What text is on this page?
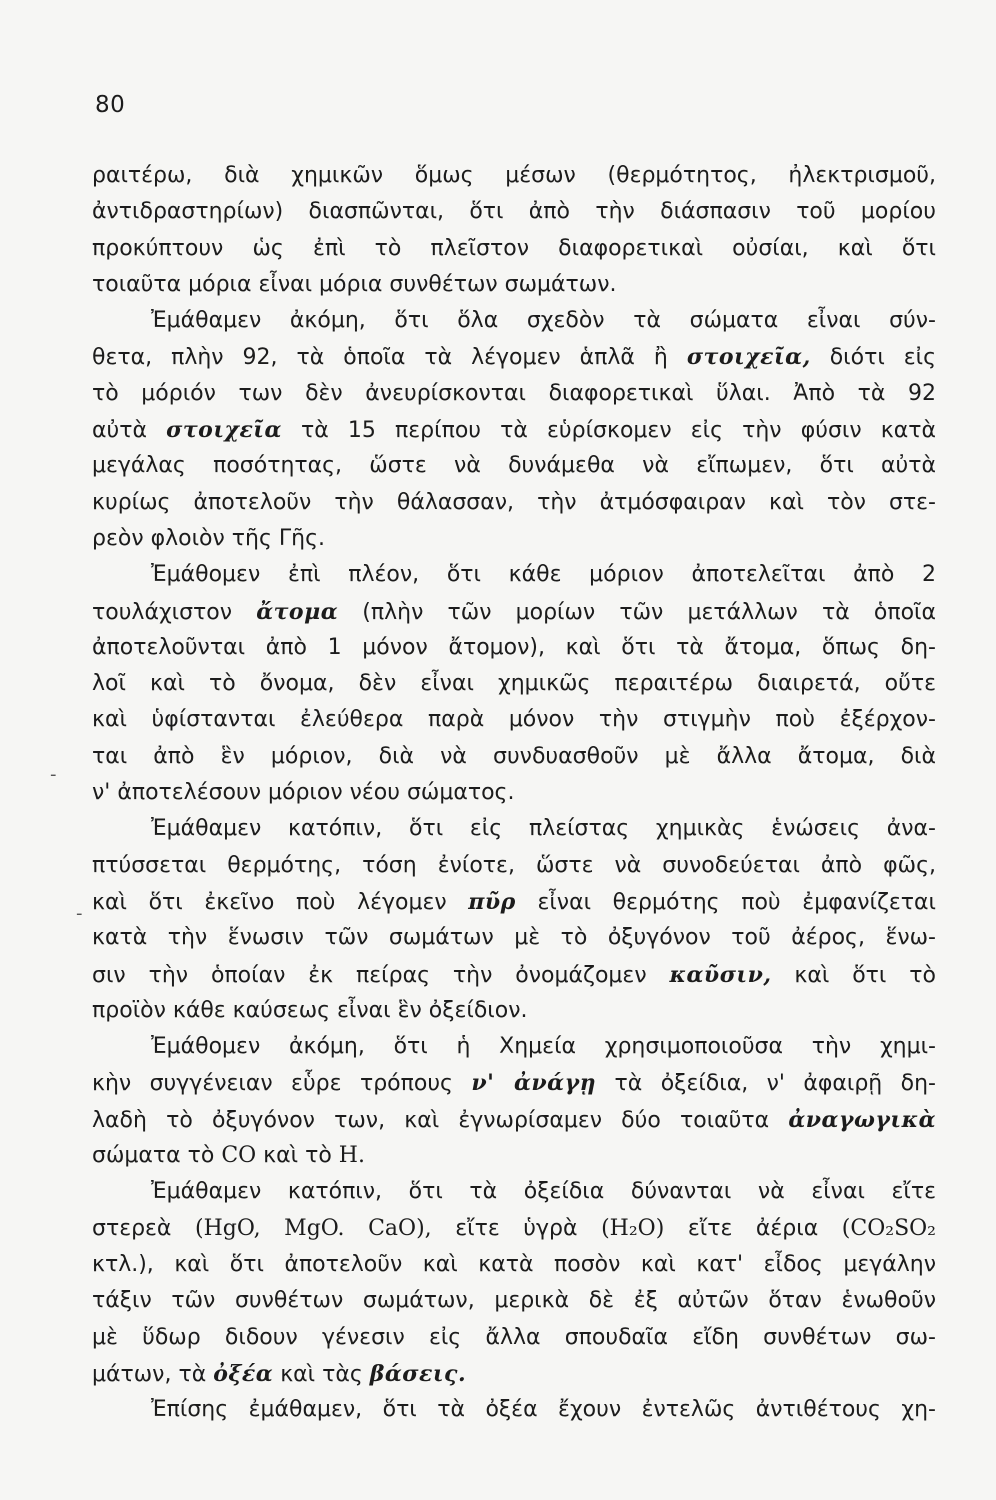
80
ραιτέρω, διὰ χημικῶν ὅμως μέσων (θερμότητος, ἠλεκτρισμοῦ,
ἀντιδραστηρίων) διασπῶνται, ὅτι ἀπὸ τὴν διάσπασιν τοῦ μορίου
προκύπτουν ὡς ἐπὶ τὸ πλεῖστον διαφορετικαὶ οὐσίαι, καὶ ὅτι
τοιαῦτα μόρια εἶναι μόρια συνθέτων σωμάτων.
Ἐμάθαμεν ἀκόμη, ὅτι ὅλα σχεδὸν τὰ σώματα εἶναι σύν-
θετα, πλὴν 92, τὰ ὁποῖα τὰ λέγομεν ἁπλᾶ ἢ στοιχεῖα, διότι εἰς
τὸ μόριόν των δὲν ἀνευρίσκονται διαφορετικαὶ ὕλαι. Ἀπὸ τὰ 92
αὐτὰ στοιχεῖα τὰ 15 περίπου τὰ εὑρίσκομεν εἰς τὴν φύσιν κατὰ
μεγάλας ποσότητας, ὥστε νὰ δυνάμεθα νὰ εἴπωμεν, ὅτι αὐτὰ
κυρίως ἀποτελοῦν τὴν θάλασσαν, τὴν ἀτμόσφαιραν καὶ τὸν στε-
ρεὸν φλοιὸν τῆς Γῆς.
Ἐμάθομεν ἐπὶ πλέον, ὅτι κάθε μόριον ἀποτελεῖται ἀπὸ 2
τουλάχιστον ἄτομα (πλὴν τῶν μορίων τῶν μετάλλων τὰ ὁποῖα
ἀποτελοῦνται ἀπὸ 1 μόνον ἄτομον), καὶ ὅτι τὰ ἄτομα, ὅπως δη-
λοῖ καὶ τὸ ὄνομα, δὲν εἶναι χημικῶς περαιτέρω διαιρετά, οὔτε
καὶ ὑφίστανται ἐλεύθερα παρὰ μόνον τὴν στιγμὴν ποὺ ἐξέρχον-
ται ἀπὸ ἓν μόριον, διὰ νὰ συνδυασθοῦν μὲ ἄλλα ἄτομα, διὰ
ν' ἀποτελέσουν μόριον νέου σώματος.
Ἐμάθαμεν κατόπιν, ὅτι εἰς πλείστας χημικὰς ἑνώσεις ἀνα-
πτύσσεται θερμότης, τόση ἐνίοτε, ὥστε νὰ συνοδεύεται ἀπὸ φῶς,
καὶ ὅτι ἐκεῖνο ποὺ λέγομεν πῦρ εἶναι θερμότης ποὺ ἐμφανίζεται
κατὰ τὴν ἕνωσιν τῶν σωμάτων μὲ τὸ ὀξυγόνον τοῦ ἀέρος, ἕνω-
σιν τὴν ὁποίαν ἐκ πείρας τὴν ὀνομάζομεν καῦσιν, καὶ ὅτι τὸ
προϊὸν κάθε καύσεως εἶναι ἓν ὀξείδιον.
Ἐμάθομεν ἀκόμη, ὅτι ἡ Χημεία χρησιμοποιοῦσα τὴν χημι-
κὴν συγγένειαν εὗρε τρόπους ν' ἀνάγῃ τὰ ὀξείδια, ν' ἀφαιρῇ δη-
λαδὴ τὸ ὀξυγόνον των, καὶ ἐγνωρίσαμεν δύο τοιαῦτα ἀναγωγικὰ
σώματα τὸ CO καὶ τὸ H.
Ἐμάθαμεν κατόπιν, ὅτι τὰ ὀξείδια δύνανται νὰ εἶναι εἴτε
στερεὰ (HgO, MgO. CaO), εἴτε ὑγρὰ (H₂O) εἴτε ἀέρια (CO₂SO₂
κτλ.), καὶ ὅτι ἀποτελοῦν καὶ κατὰ ποσὸν καὶ κατ' εἶδος μεγάλην
τάξιν τῶν συνθέτων σωμάτων, μερικὰ δὲ ἐξ αὐτῶν ὅταν ἑνωθοῦν
μὲ ὕδωρ διδουν γένεσιν εἰς ἄλλα σπουδαῖα εἴδη συνθέτων σω-
μάτων, τὰ ὀξέα καὶ τὰς βάσεις.
Ἐπίσης ἐμάθαμεν, ὅτι τὰ ὀξέα ἔχουν ἐντελῶς ἀντιθέτους χη-
-
-
